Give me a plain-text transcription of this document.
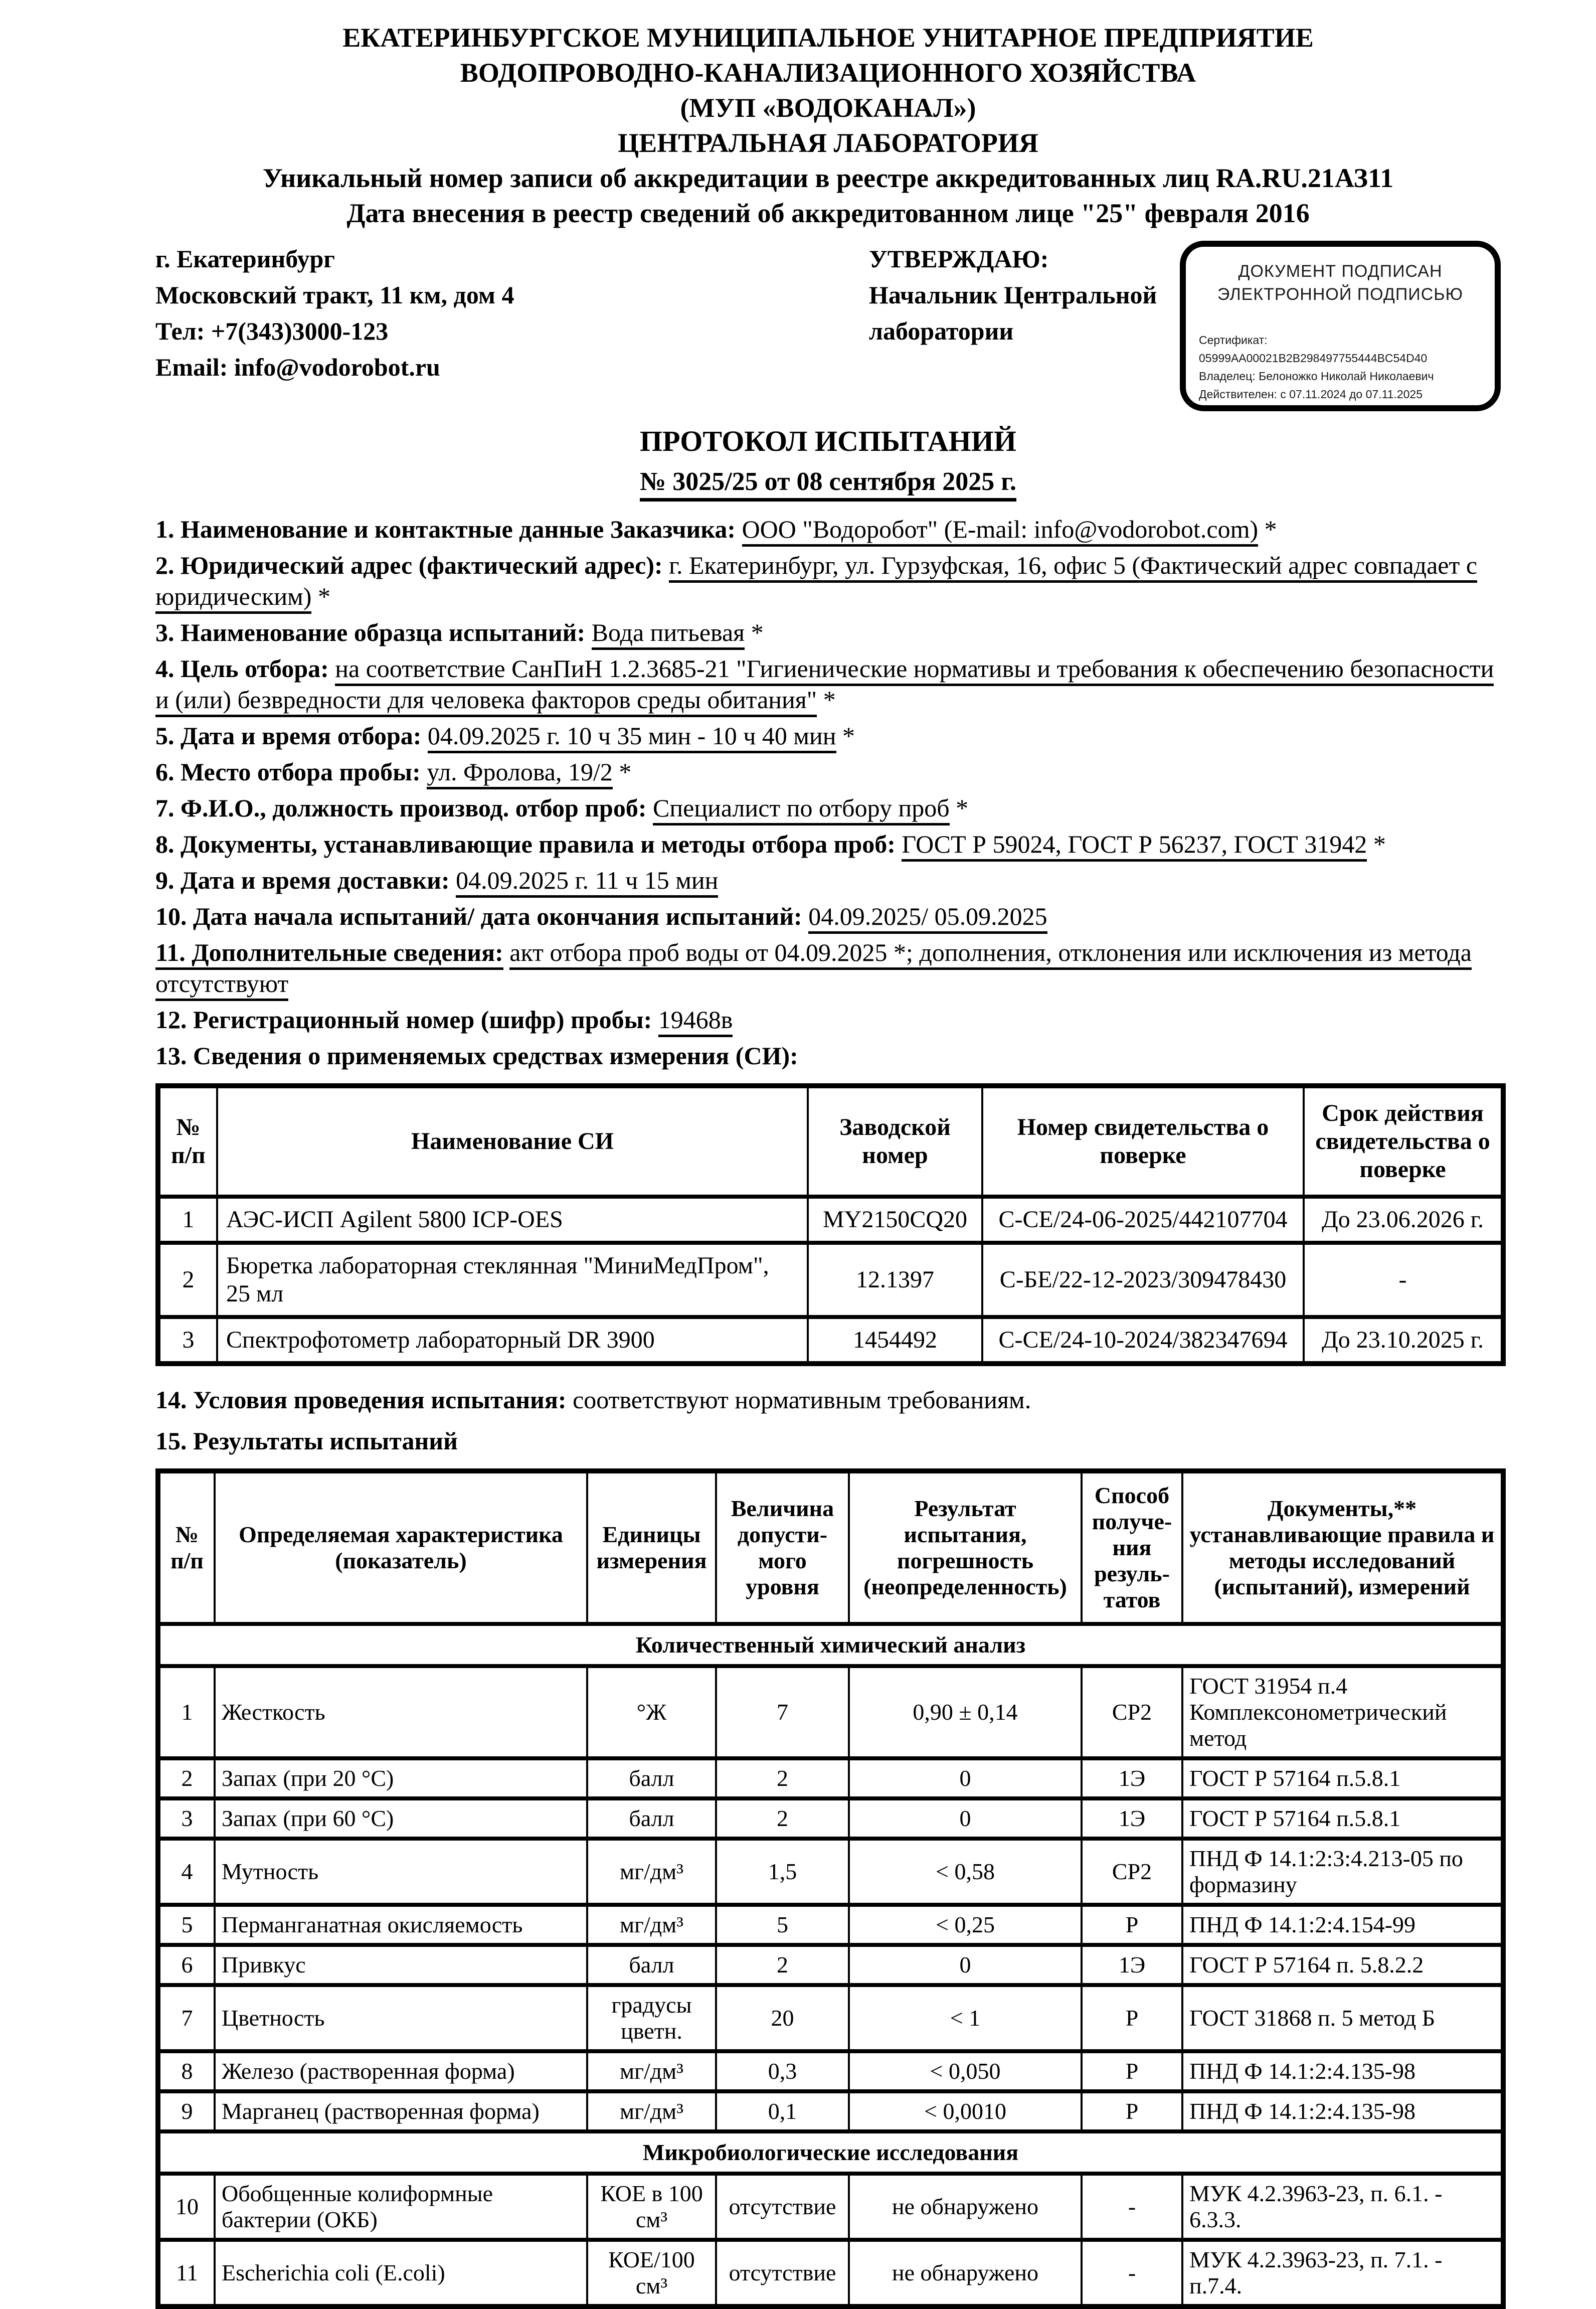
ЕКАТЕРИНБУРГСКОЕ МУНИЦИПАЛЬНОЕ УНИТАРНОЕ ПРЕДПРИЯТИЕ
ВОДОПРОВОДНО-КАНАЛИЗАЦИОННОГО ХОЗЯЙСТВА
(МУП «ВОДОКАНАЛ»)
ЦЕНТРАЛЬНАЯ ЛАБОРАТОРИЯ
Уникальный номер записи об аккредитации в реестре аккредитованных лиц RA.RU.21АЗ11
Дата внесения в реестр сведений об аккредитованном лице "25" февраля 2016
г. Екатеринбург
Московский тракт, 11 км, дом 4
Тел: +7(343)3000-123
Email: info@vodorobot.ru
УТВЕРЖДАЮ:
Начальник Центральной
лаборатории
ДОКУМЕНТ ПОДПИСАН
ЭЛЕКТРОННОЙ ПОДПИСЬЮ
Сертификат: 05999AA00021B2B298497755444BC54D40
Владелец: Белоножко Николай Николаевич
Действителен: с 07.11.2024 до 07.11.2025
ПРОТОКОЛ ИСПЫТАНИЙ
№ 3025/25 от 08 сентября 2025 г.
1. Наименование и контактные данные Заказчика: ООО "Водоробот" (E-mail: info@vodorobot.com) *
2. Юридический адрес (фактический адрес): г. Екатеринбург, ул. Гурзуфская, 16, офис 5 (Фактический адрес совпадает с юридическим) *
3. Наименование образца испытаний: Вода питьевая *
4. Цель отбора: на соответствие СанПиН 1.2.3685-21 "Гигиенические нормативы и требования к обеспечению безопасности и (или) безвредности для человека факторов среды обитания" *
5. Дата и время отбора: 04.09.2025 г. 10 ч 35 мин - 10 ч 40 мин *
6. Место отбора пробы: ул. Фролова, 19/2 *
7. Ф.И.О., должность производ. отбор проб: Специалист по отбору проб *
8. Документы, устанавливающие правила и методы отбора проб: ГОСТ Р 59024, ГОСТ Р 56237, ГОСТ 31942 *
9. Дата и время доставки: 04.09.2025 г. 11 ч 15 мин
10. Дата начала испытаний/ дата окончания испытаний: 04.09.2025/ 05.09.2025
11. Дополнительные сведения: акт отбора проб воды от 04.09.2025 *; дополнения, отклонения или исключения из метода отсутствуют
12. Регистрационный номер (шифр) пробы: 19468в
13. Сведения о применяемых средствах измерения (СИ):
№ п/п	Наименование СИ	Заводской номер	Номер свидетельства о поверке	Срок действия свидетельства о поверке
1	АЭС-ИСП Agilent 5800 ICP-OES	MY2150CQ20	С-СЕ/24-06-2025/442107704	До 23.06.2026 г.
2	Бюретка лабораторная стеклянная "МиниМедПром", 25 мл	12.1397	С-БЕ/22-12-2023/309478430	-
3	Спектрофотометр лабораторный DR 3900	1454492	С-СЕ/24-10-2024/382347694	До 23.10.2025 г.
14. Условия проведения испытания: соответствуют нормативным требованиям.
15. Результаты испытаний
№ п/п	Определяемая характеристика (показатель)	Единицы измерения	Величина допусти-мого уровня	Результат испытания, погрешность (неопределенность)	Способ получе-ния резуль-татов	Документы,** устанавливающие правила и методы исследований (испытаний), измерений
Количественный химический анализ						
1	Жесткость	°Ж	7	0,90 ± 0,14	СР2	ГОСТ 31954 п.4 Комплексонометрический метод
2	Запах (при 20 °С)	балл	2	0	1Э	ГОСТ Р 57164 п.5.8.1
3	Запах (при 60 °С)	балл	2	0	1Э	ГОСТ Р 57164 п.5.8.1
4	Мутность	мг/дм³	1,5	< 0,58	СР2	ПНД Ф 14.1:2:3:4.213-05 по формазину
5	Перманганатная окисляемость	мг/дм³	5	< 0,25	Р	ПНД Ф 14.1:2:4.154-99
6	Привкус	балл	2	0	1Э	ГОСТ Р 57164 п. 5.8.2.2
7	Цветность	градусы цветн.	20	< 1	Р	ГОСТ 31868 п. 5 метод Б
8	Железо (растворенная форма)	мг/дм³	0,3	< 0,050	Р	ПНД Ф 14.1:2:4.135-98
9	Марганец (растворенная форма)	мг/дм³	0,1	< 0,0010	Р	ПНД Ф 14.1:2:4.135-98
Микробиологические исследования						
10	Обобщенные колиформные бактерии (ОКБ)	КОЕ в 100 см³	отсутствие	не обнаружено	-	МУК 4.2.3963-23, п. 6.1. - 6.3.3.
11	Escherichia coli (E.coli)	КОЕ/100 см³	отсутствие	не обнаружено	-	МУК 4.2.3963-23, п. 7.1. - п.7.4.
